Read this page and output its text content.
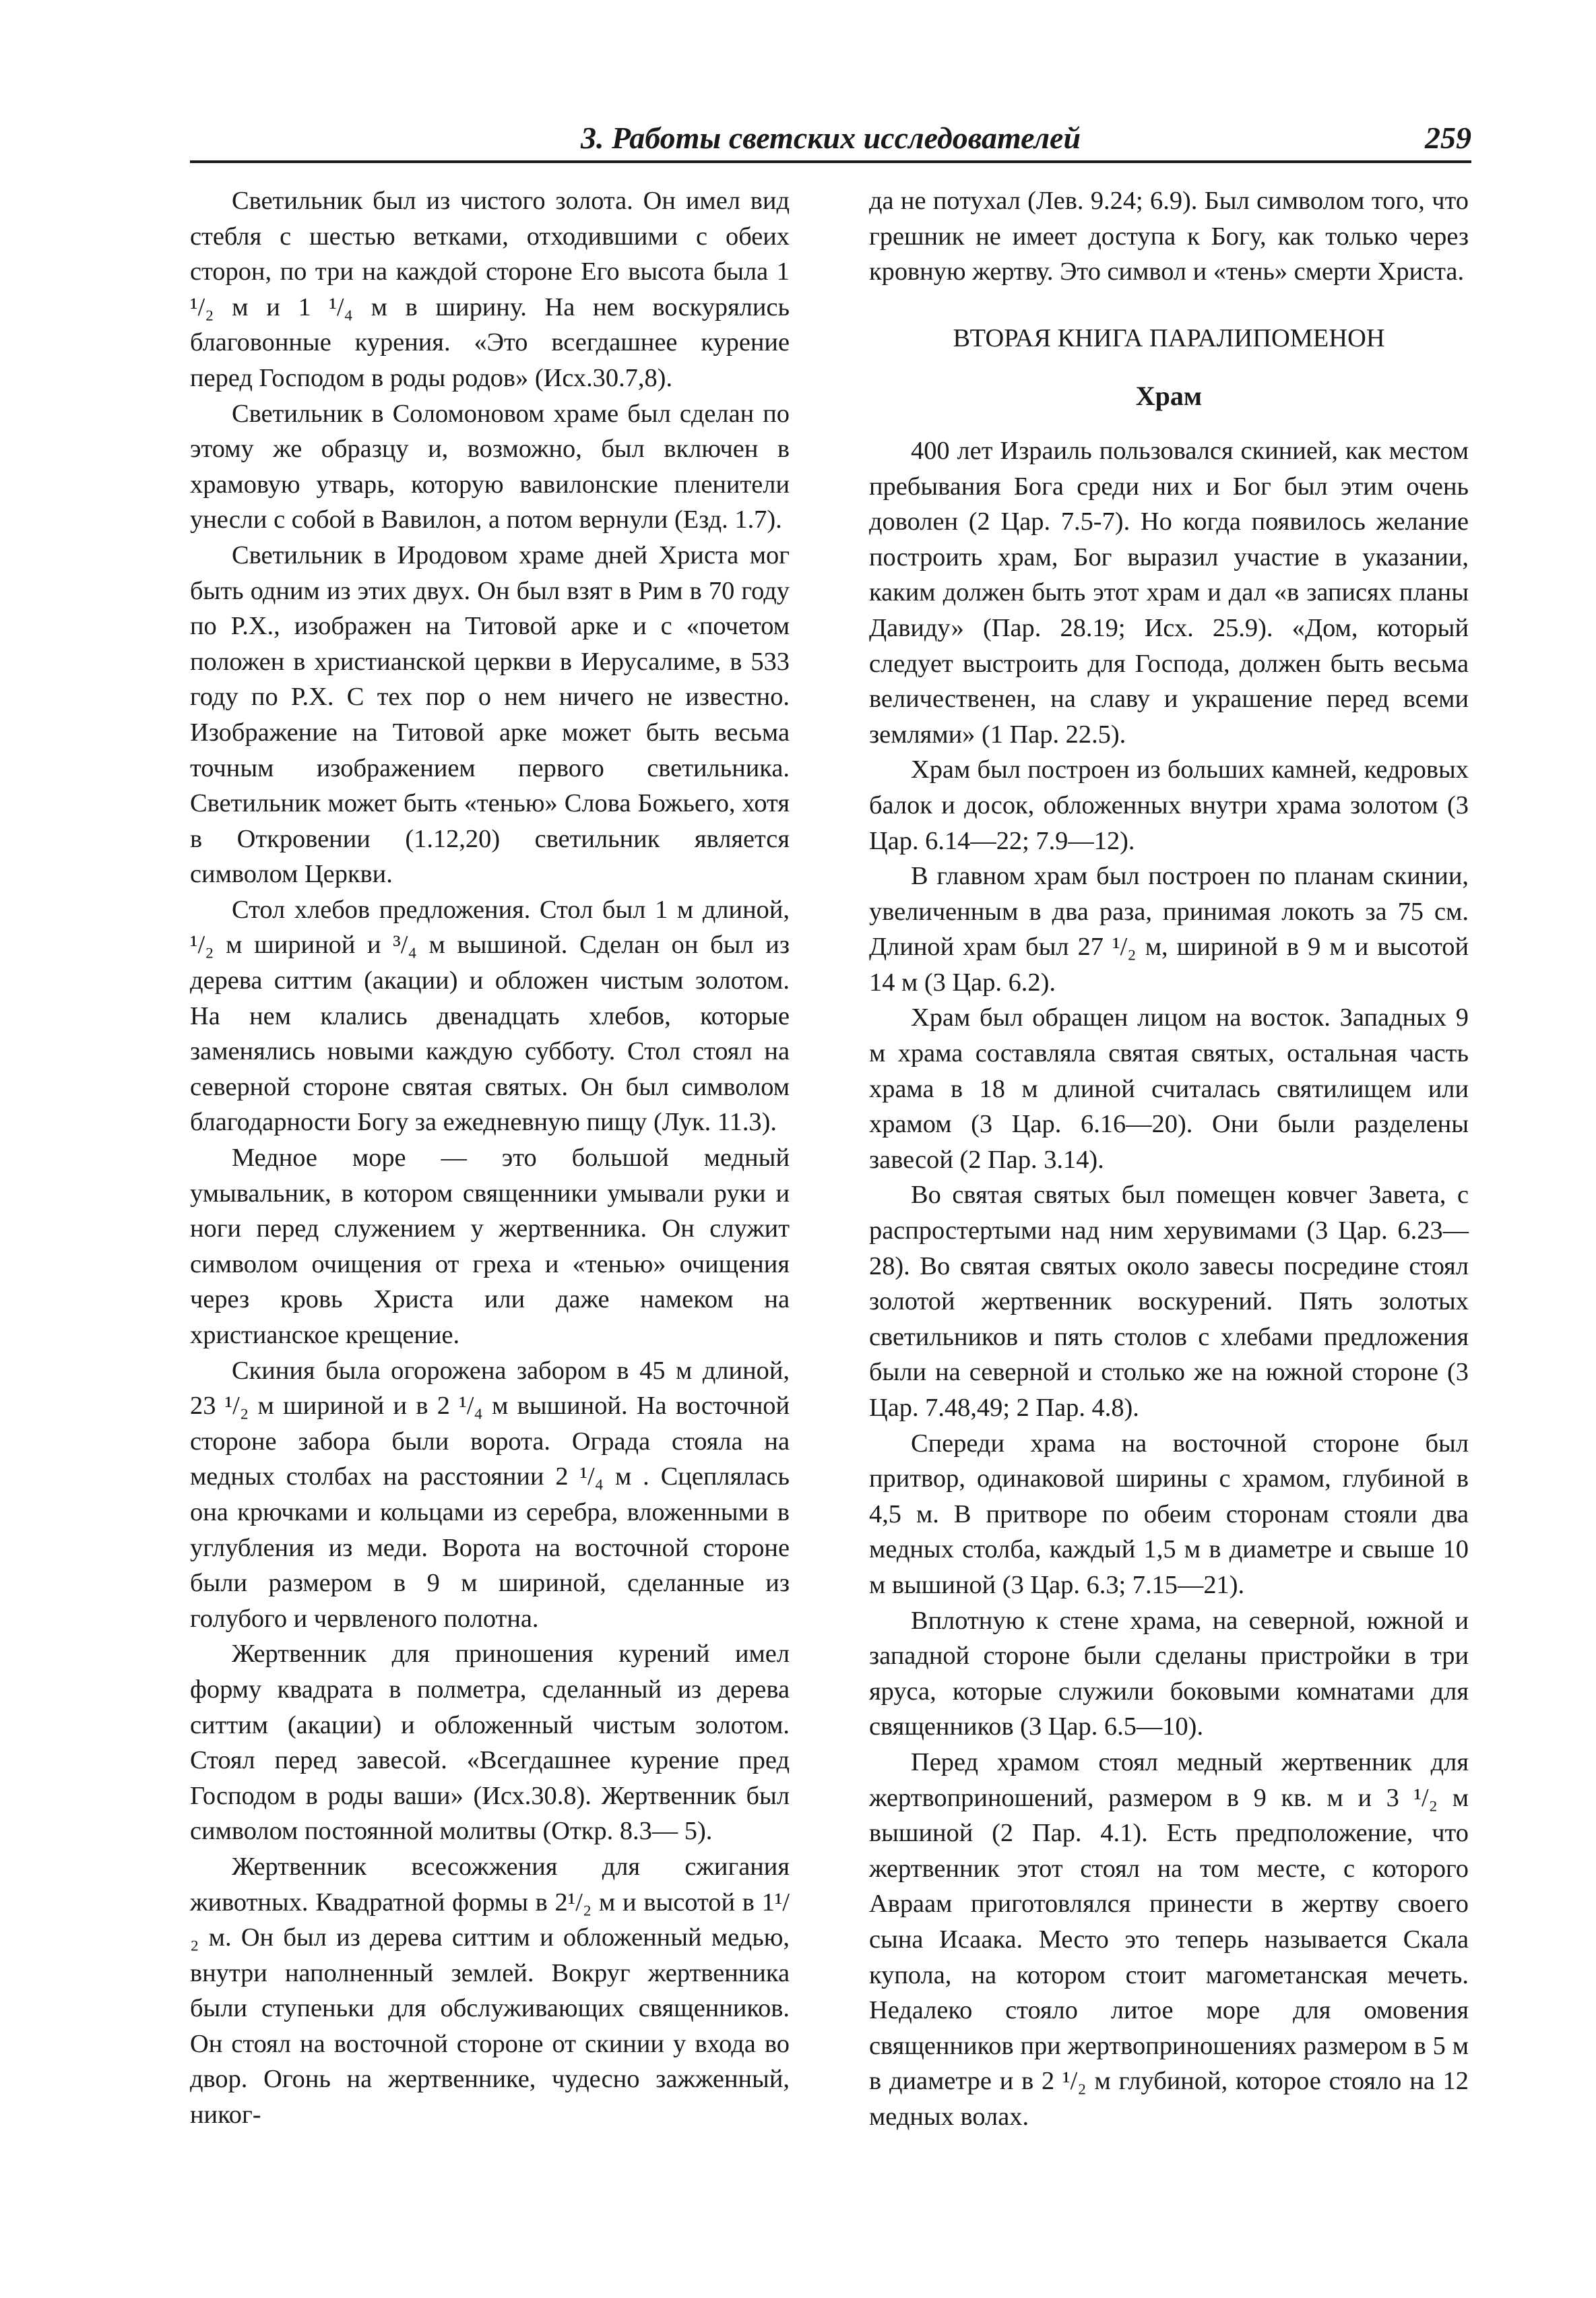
3. Работы светских исследователей	259

Светильник был из чистого золота. Он имел вид стебля с шестью ветками, отходившими с обеих сторон, по три на каждой стороне Его высота была 1 ¹/₂ м и 1 ¹/₄ м в ширину. На нем воскурялись благовонные курения. «Это всегдашнее курение перед Господом в роды родов» (Исх.30.7,8).

Светильник в Соломоновом храме был сделан по этому же образцу и, возможно, был включен в храмовую утварь, которую вавилонские пленители унесли с собой в Вавилон, а потом вернули (Езд. 1.7).

Светильник в Иродовом храме дней Христа мог быть одним из этих двух. Он был взят в Рим в 70 году по Р.Х., изображен на Титовой арке и с «почетом положен в христианской церкви в Иерусалиме, в 533 году по Р.Х. С тех пор о нем ничего не известно. Изображение на Титовой арке может быть весьма точным изображением первого светильника. Светильник может быть «тенью» Слова Божьего, хотя в Откровении (1.12,20) светильник является символом Церкви.

Стол хлебов предложения. Стол был 1 м длиной, ¹/₂ м шириной и ³/₄ м вышиной. Сделан он был из дерева ситтим (акации) и обложен чистым золотом. На нем клались двенадцать хлебов, которые заменялись новыми каждую субботу. Стол стоял на северной стороне святая святых. Он был символом благодарности Богу за ежедневную пищу (Лук. 11.3).

Медное море — это большой медный умывальник, в котором священники умывали руки и ноги перед служением у жертвенника. Он служит символом очищения от греха и «тенью» очищения через кровь Христа или даже намеком на христианское крещение.

Скиния была огорожена забором в 45 м длиной, 23 ¹/₂ м шириной и в 2 ¹/₄ м вышиной. На восточной стороне забора были ворота. Ограда стояла на медных столбах на расстоянии 2 ¹/₄ м . Сцеплялась она крючками и кольцами из серебра, вложенными в углубления из меди. Ворота на восточной стороне были размером в 9 м шириной, сделанные из голубого и червленого полотна.

Жертвенник для приношения курений имел форму квадрата в полметра, сделанный из дерева ситтим (акации) и обложенный чистым золотом. Стоял перед завесой. «Всегдашнее курение пред Господом в роды ваши» (Исх.30.8). Жертвенник был символом постоянной молитвы (Откр. 8.3— 5).

Жертвенник всесожжения для сжигания животных. Квадратной формы в 2¹/₂ м и высотой в 1¹/₂ м. Он был из дерева ситтим и обложенный медью, внутри наполненный землей. Вокруг жертвенника были ступеньки для обслуживающих священников. Он стоял на восточной стороне от скинии у входа во двор. Огонь на жертвеннике, чудесно зажженный, никог-

да не потухал (Лев. 9.24; 6.9). Был символом того, что грешник не имеет доступа к Богу, как только через кровную жертву. Это символ и «тень» смерти Христа.

ВТОРАЯ КНИГА ПАРАЛИПОМЕНОН
Храм

400 лет Израиль пользовался скинией, как местом пребывания Бога среди них и Бог был этим очень доволен (2 Цар. 7.5-7). Но когда появилось желание построить храм, Бог выразил участие в указании, каким должен быть этот храм и дал «в записях планы Давиду» (Пар. 28.19; Исх. 25.9). «Дом, который следует выстроить для Господа, должен быть весьма величественен, на славу и украшение перед всеми землями» (1 Пар. 22.5).

Храм был построен из больших камней, кедровых балок и досок, обложенных внутри храма золотом (3 Цар. 6.14—22; 7.9—12).

В главном храм был построен по планам скинии, увеличенным в два раза, принимая локоть за 75 см. Длиной храм был 27 ¹/₂ м, шириной в 9 м и высотой 14 м (3 Цар. 6.2).

Храм был обращен лицом на восток. Западных 9 м храма составляла святая святых, остальная часть храма в 18 м длиной считалась святилищем или храмом (3 Цар. 6.16—20). Они были разделены завесой (2 Пар. 3.14).

Во святая святых был помещен ковчег Завета, с распростертыми над ним херувимами (3 Цар. 6.23—28). Во святая святых около завесы посредине стоял золотой жертвенник воскурений. Пять золотых светильников и пять столов с хлебами предложения были на северной и столько же на южной стороне (3 Цар. 7.48,49; 2 Пар. 4.8).

Спереди храма на восточной стороне был притвор, одинаковой ширины с храмом, глубиной в 4,5 м. В притворе по обеим сторонам стояли два медных столба, каждый 1,5 м в диаметре и свыше 10 м вышиной (3 Цар. 6.3; 7.15—21).

Вплотную к стене храма, на северной, южной и западной стороне были сделаны пристройки в три яруса, которые служили боковыми комнатами для священников (3 Цар. 6.5—10).

Перед храмом стоял медный жертвенник для жертвоприношений, размером в 9 кв. м и 3 ¹/₂ м вышиной (2 Пар. 4.1). Есть предположение, что жертвенник этот стоял на том месте, с которого Авраам приготовлялся принести в жертву своего сына Исаака. Место это теперь называется Скала купола, на котором стоит магометанская мечеть. Недалеко стояло литое море для омовения священников при жертвоприношениях размером в 5 м в диаметре и в 2 ¹/₂ м глубиной, которое стояло на 12 медных волах.
